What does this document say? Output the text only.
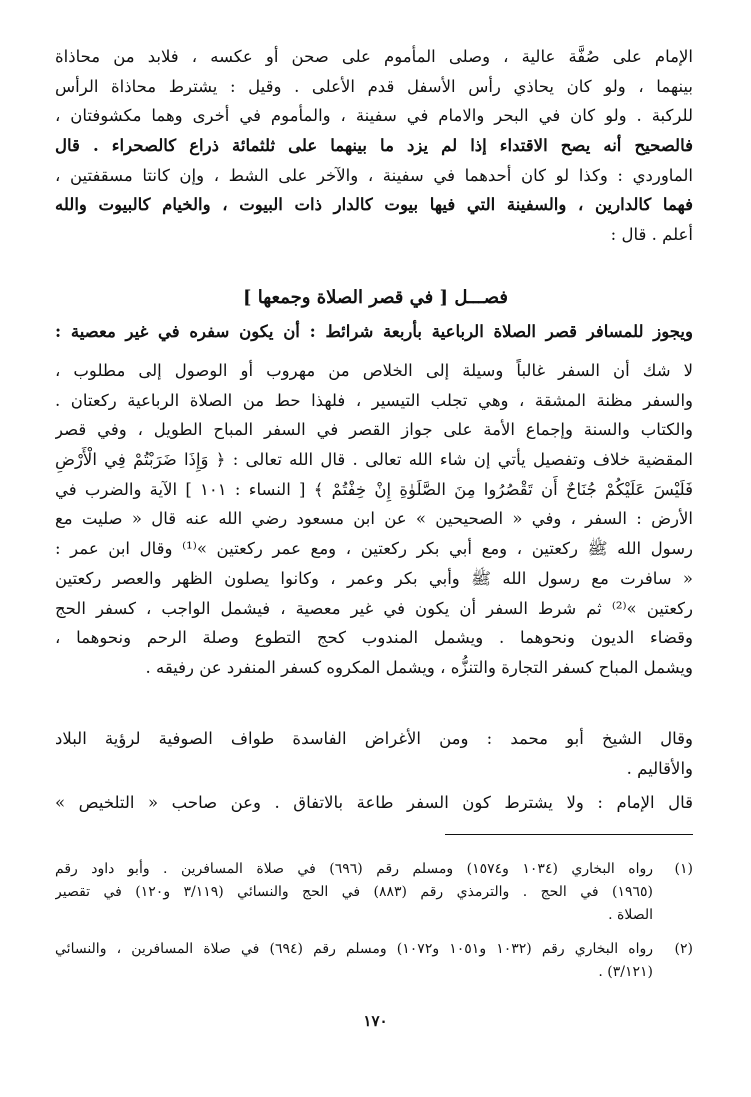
الإمام على صُفَّة عالية ، وصلى المأموم على صحن أو عكسه ، فلابد من محاذاة
بينهما ، ولو كان يحاذي رأس الأسفل قدم الأعلى . وقيل : يشترط محاذاة الرأس
للركبة . ولو كان في البحر والامام في سفينة ، والمأموم في أخرى وهما مكشوفتان ،
فالصحيح أنه يصح الاقتداء إذا لم يزد ما بينهما على ثلثمائة ذراع كالصحراء . قال
الماوردي : وكذا لو كان أحدهما في سفينة ، والآخر على الشط ، وإن كانتا مسقفتين ،
فهما كالدارين ، والسفينة التي فيها بيوت كالدار ذات البيوت ، والخيام كالبيوت والله
أعلم . قال :
فصـــل [ في قصر الصلاة وجمعها ]
ويجوز للمسافر قصر الصلاة الرباعية بأربعة شرائط : أن يكون سفره في غير معصية :
لا شك أن السفر غالباً وسيلة إلى الخلاص من مهروب أو الوصول إلى مطلوب ،
والسفر مظنة المشقة ، وهي تجلب التيسير ، فلهذا حط من الصلاة الرباعية ركعتان .
والكتاب والسنة وإجماع الأمة على جواز القصر في السفر المباح الطويل ، وفي قصر
المقضية خلاف وتفصيل يأتي إن شاء الله تعالى . قال الله تعالى : ﴿ وَإِذَا ضَرَبْتُمْ فِي الْأَرْضِ
فَلَيْسَ عَلَيْكُمْ جُنَاحٌ أَن تَقْصُرُوا مِنَ الصَّلَوٰةِ إِنْ خِفْتُمْ ﴾ [ النساء : ١٠١ ] الآية والضرب في
الأرض : السفر ، وفي « الصحيحين » عن ابن مسعود رضي الله عنه قال « صليت مع
رسول الله ﷺ ركعتين ، ومع أبي بكر ركعتين ، ومع عمر ركعتين »⁽¹⁾ وقال ابن عمر :
« سافرت مع رسول الله ﷺ وأبي بكر وعمر ، وكانوا يصلون الظهر والعصر ركعتين
ركعتين »⁽²⁾ ثم شرط السفر أن يكون في غير معصية ، فيشمل الواجب ، كسفر الحج
وقضاء الديون ونحوهما . ويشمل المندوب كحج التطوع وصلة الرحم ونحوهما ،
ويشمل المباح كسفر التجارة والتنزُّه ، ويشمل المكروه كسفر المنفرد عن رفيقه .
وقال الشيخ أبو محمد : ومن الأغراض الفاسدة طواف الصوفية لرؤية البلاد
والأقاليم .
قال الإمام : ولا يشترط كون السفر طاعة بالاتفاق . وعن صاحب « التلخيص »
(١)
رواه البخاري (١٠٣٤ و١٥٧٤) ومسلم رقم (٦٩٦) في صلاة المسافرين . وأبو داود رقم
(١٩٦٥) في الحج . والترمذي رقم (٨٨٣) في الحج والنسائي (٣/١١٩ و١٢٠) في تقصير
الصلاة .
(٢)
رواه البخاري رقم (١٠٣٢ و١٠٥١ و١٠٧٢) ومسلم رقم (٦٩٤) في صلاة المسافرين ، والنسائي
(٣/١٢١) .
١٧٠
